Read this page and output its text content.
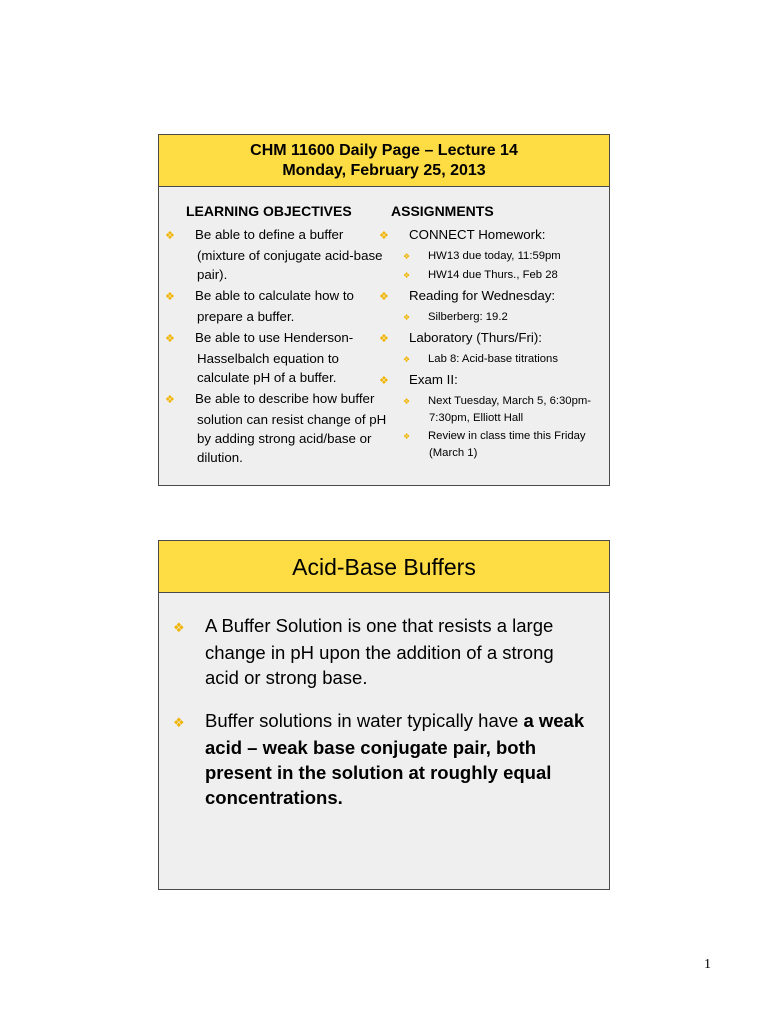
CHM 11600 Daily Page – Lecture 14
Monday, February 25, 2013
LEARNING OBJECTIVES
❖ Be able to define a buffer (mixture of conjugate acid-base pair).
❖ Be able to calculate how to prepare a buffer.
❖ Be able to use Henderson-Hasselbalch equation to calculate pH of a buffer.
❖ Be able to describe how buffer solution can resist change of pH by adding strong acid/base or dilution.
ASSIGNMENTS
❖ CONNECT Homework:
❖ HW13 due today, 11:59pm
❖ HW14 due Thurs., Feb 28
❖ Reading for Wednesday:
❖ Silberberg: 19.2
❖ Laboratory (Thurs/Fri):
❖ Lab 8: Acid-base titrations
❖ Exam II:
❖ Next Tuesday, March 5, 6:30pm-7:30pm, Elliott Hall
❖ Review in class time this Friday (March 1)
Acid-Base Buffers
❖ A Buffer Solution is one that resists a large change in pH upon the addition of a strong acid or strong base.
❖ Buffer solutions in water typically have a weak acid – weak base conjugate pair, both present in the solution at roughly equal concentrations.
1
